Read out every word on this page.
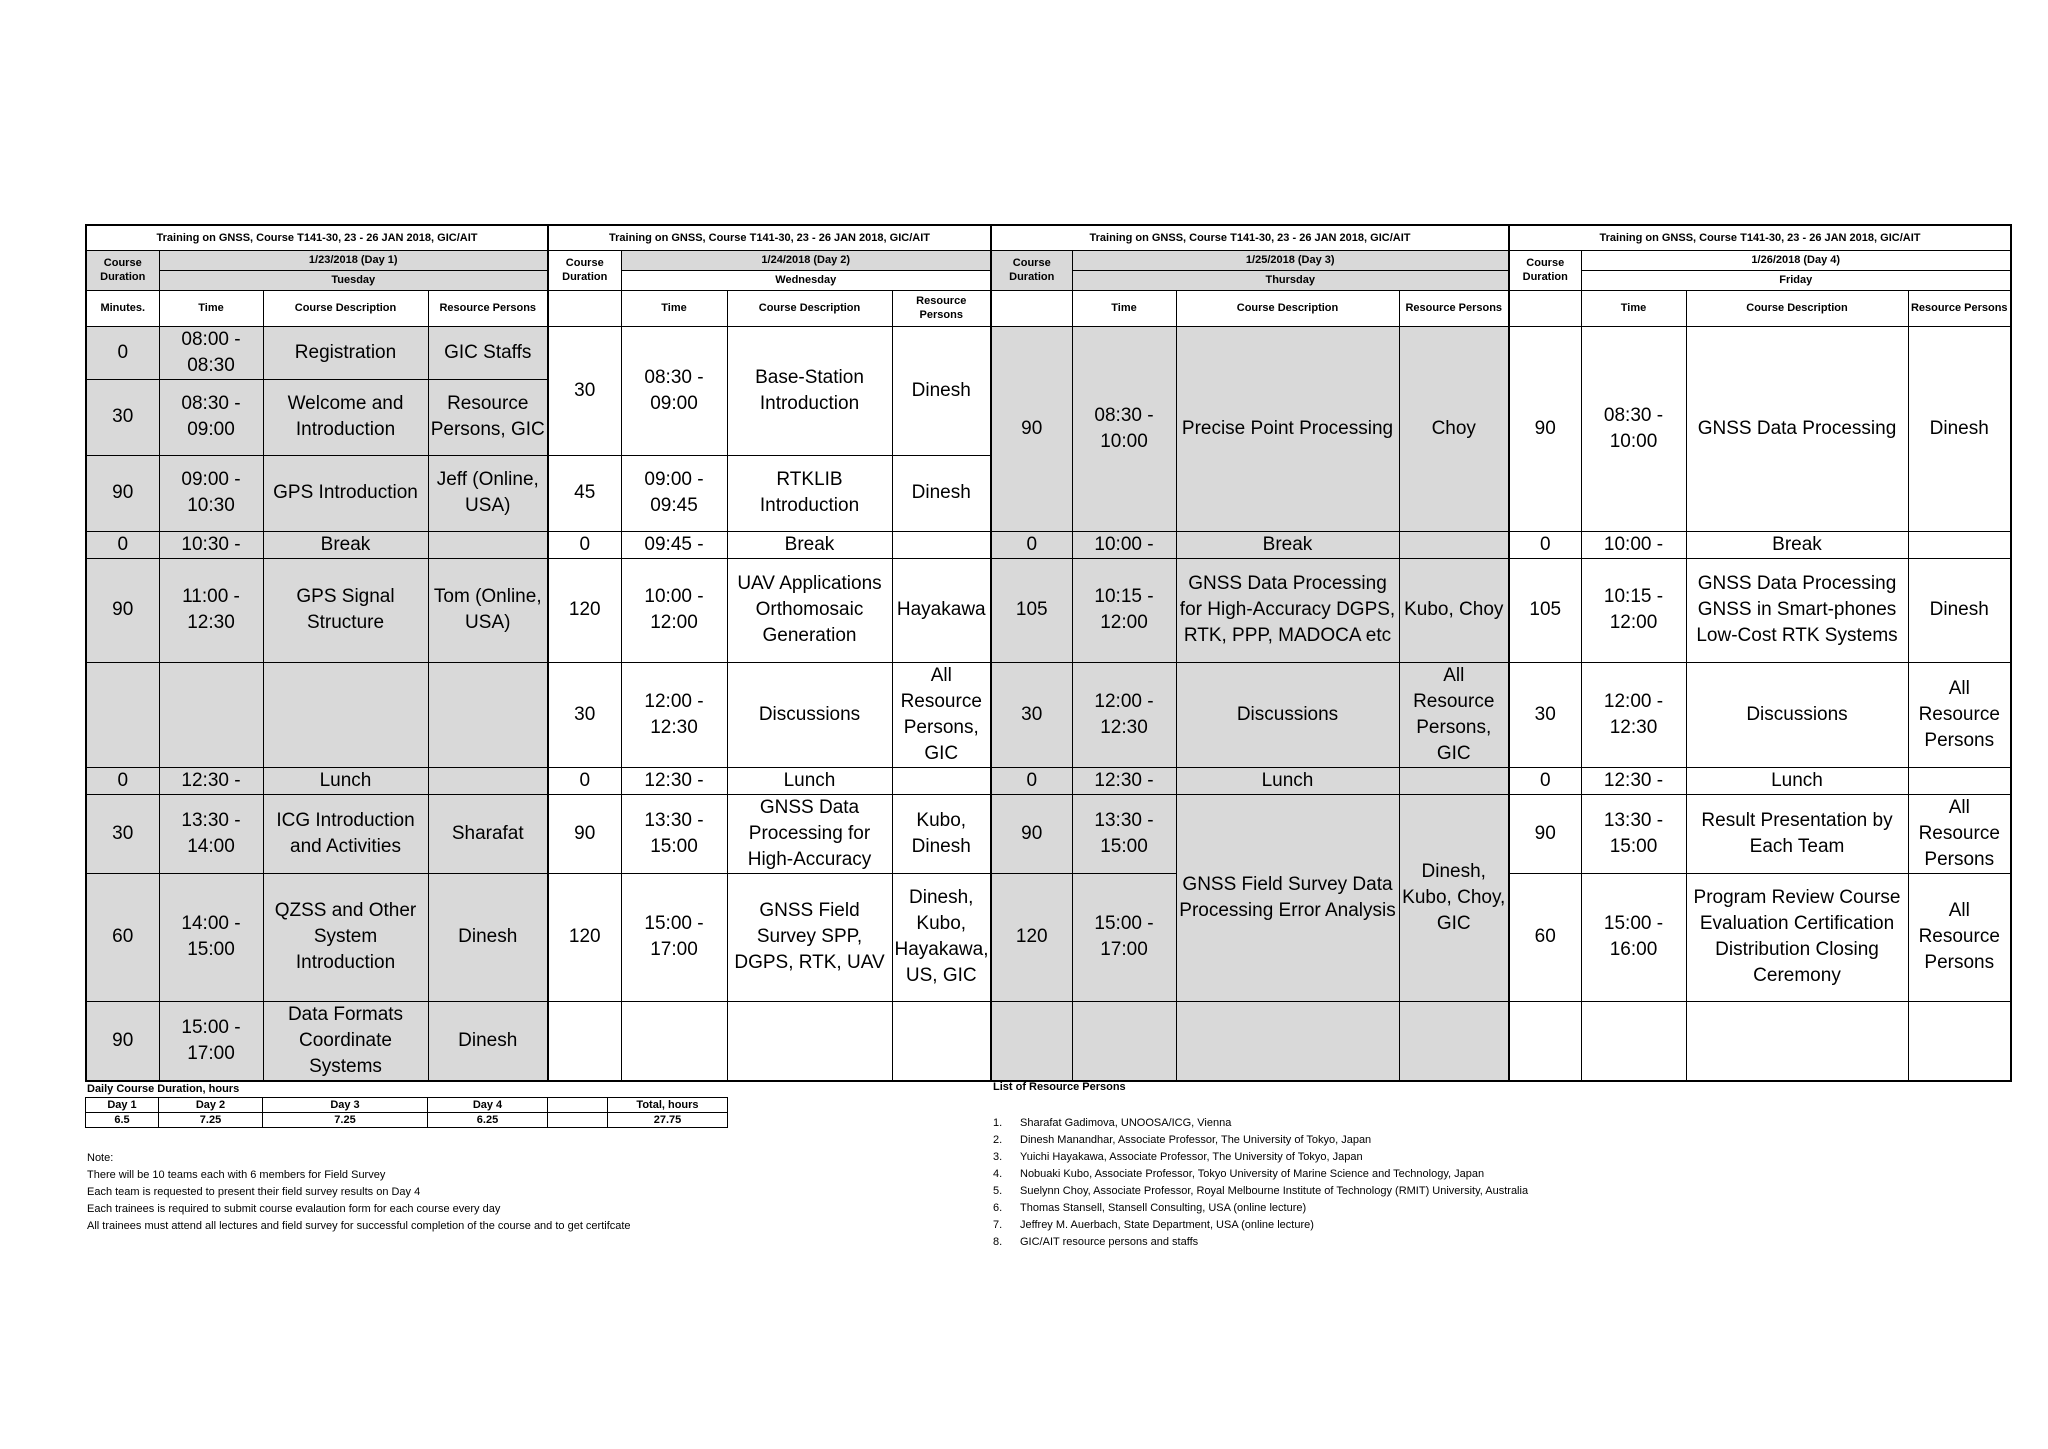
Training on GNSS, Course T141-30, 23 - 26 JAN 2018, GIC/AIT				Training on GNSS, Course T141-30, 23 - 26 JAN 2018, GIC/AIT				Training on GNSS, Course T141-30, 23 - 26 JAN 2018, GIC/AIT				Training on GNSS, Course T141-30, 23 - 26 JAN 2018, GIC/AIT			
Course Duration	1/23/2018 (Day 1)			Course Duration	1/24/2018 (Day 2)			Course Duration	1/25/2018 (Day 3)			Course Duration	1/26/2018 (Day 4)		
	Tuesday				Wednesday				Thursday				Friday		
Minutes.	Time	Course Description	Resource Persons		Time	Course Description	Resource Persons		Time	Course Description	Resource Persons		Time	Course Description	Resource Persons
0	08:00 - 08:30	Registration	GIC Staffs	30	08:30 - 09:00	Base-Station Introduction	Dinesh	90	08:30 - 10:00	Precise Point Processing	Choy	90	08:30 - 10:00	GNSS Data Processing	Dinesh
30	08:30 - 09:00	Welcome and Introduction	Resource Persons, GIC												
90	09:00 - 10:30	GPS Introduction	Jeff (Online, USA)	45	09:00 - 09:45	RTKLIB Introduction	Dinesh								
0	10:30 -	Break		0	09:45 -	Break		0	10:00 -	Break		0	10:00 -	Break	
90	11:00 - 12:30	GPS Signal Structure	Tom (Online, USA)	120	10:00 - 12:00	UAV Applications Orthomosaic Generation	Hayakawa	105	10:15 - 12:00	GNSS Data Processing for High-Accuracy DGPS, RTK, PPP, MADOCA etc	Kubo, Choy	105	10:15 - 12:00	GNSS Data Processing GNSS in Smart-phones Low-Cost RTK Systems	Dinesh
				30	12:00 - 12:30	Discussions	All Resource Persons, GIC	30	12:00 - 12:30	Discussions	All Resource Persons, GIC	30	12:00 - 12:30	Discussions	All Resource Persons
0	12:30 -	Lunch		0	12:30 -	Lunch		0	12:30 -	Lunch		0	12:30 -	Lunch	
30	13:30 - 14:00	ICG Introduction and Activities	Sharafat	90	13:30 - 15:00	GNSS Data Processing for High-Accuracy	Kubo, Dinesh	90	13:30 - 15:00	GNSS Field Survey Data Processing Error Analysis	Dinesh, Kubo, Choy, GIC	90	13:30 - 15:00	Result Presentation by Each Team	All Resource Persons
60	14:00 - 15:00	QZSS and Other System Introduction	Dinesh	120	15:00 - 17:00	GNSS Field Survey SPP, DGPS, RTK, UAV	Dinesh, Kubo, Hayakawa, US, GIC	120	15:00 - 17:00			60	15:00 - 16:00	Program Review Course Evaluation Certification Distribution Closing Ceremony	All Resource Persons
90	15:00 - 17:00	Data Formats Coordinate Systems	Dinesh												
Daily Course Duration, hours
Day 1	Day 2	Day 3	Day 4		Total, hours
6.5	7.25	7.25	6.25		27.75
Note:
There will be 10 teams each with 6 members for Field Survey
Each team is requested to present their field survey results on Day 4
Each trainees is required to submit course evalaution form for each course every day
All trainees must attend all lectures and field survey for successful completion of the course and to get certifcate
List of Resource Persons
1. Sharafat Gadimova, UNOOSA/ICG, Vienna
2. Dinesh Manandhar, Associate Professor, The University of Tokyo, Japan
3. Yuichi Hayakawa, Associate Professor, The University of Tokyo, Japan
4. Nobuaki Kubo, Associate Professor, Tokyo University of Marine Science and Technology, Japan
5. Suelynn Choy, Associate Professor, Royal Melbourne Institute of Technology (RMIT) University, Australia
6. Thomas Stansell, Stansell Consulting, USA (online lecture)
7. Jeffrey M. Auerbach, State Department, USA (online lecture)
8. GIC/AIT resource persons and staffs
